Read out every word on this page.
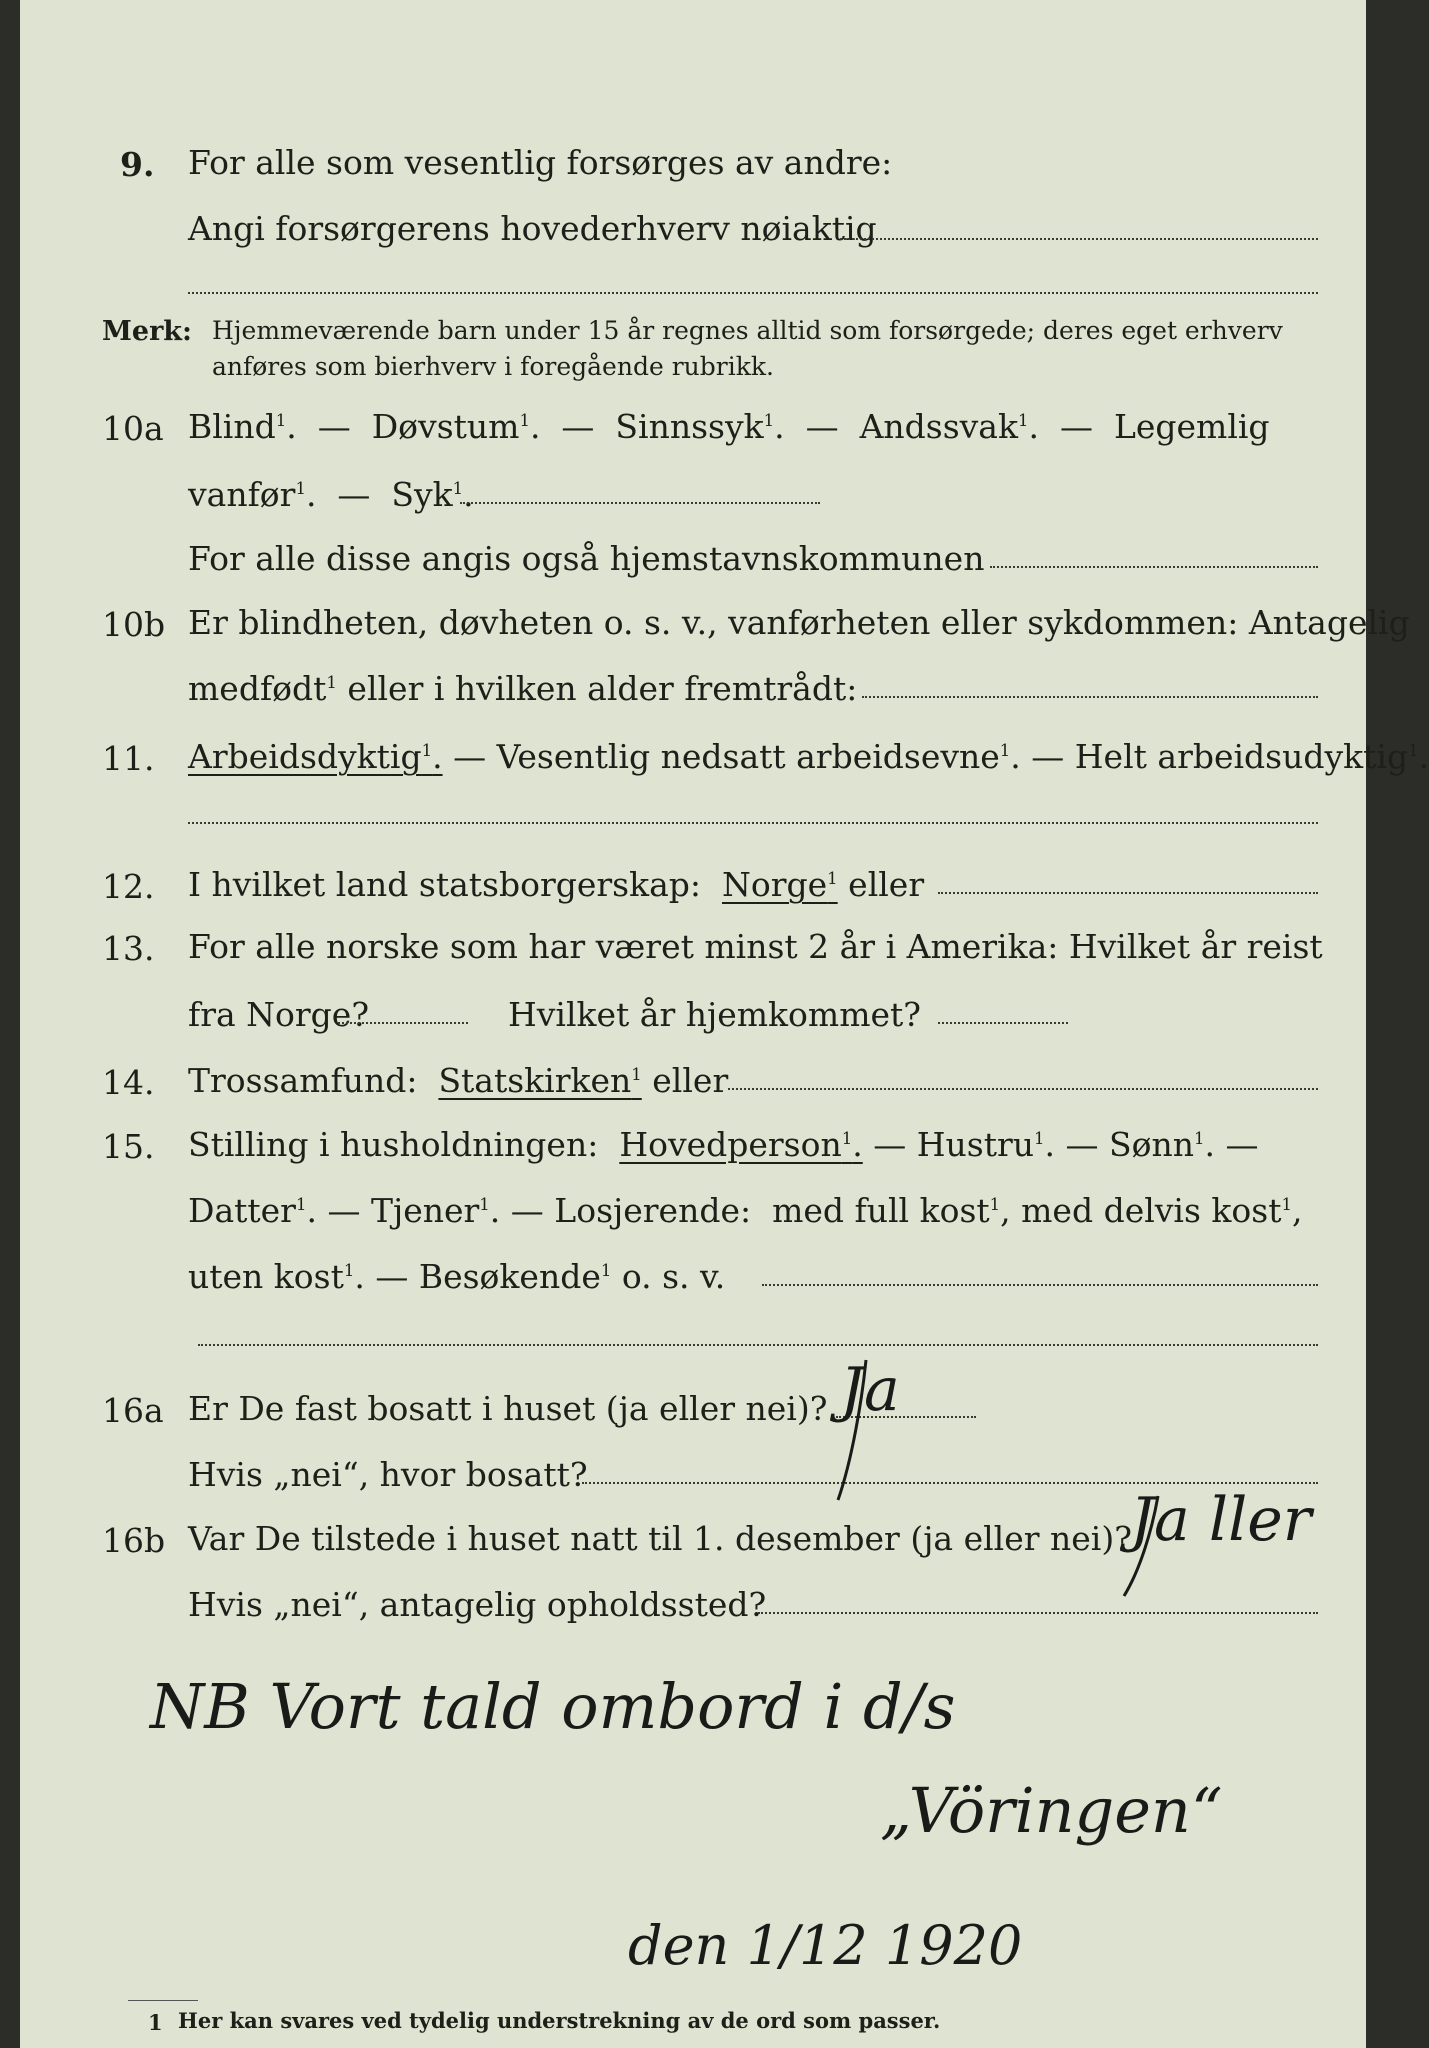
9. For alle som vesentlig forsørges av andre:
Angi forsørgerens hovederhverv nøiaktig
Merk: Hjemmeværende barn under 15 år regnes alltid som forsørgede; deres eget erhverv
anføres som bierhverv i foregående rubrikk.
10a Blind$^1$.  —  Døvstum$^1$.  —  Sinnssyk$^1$.  —  Andssvak$^1$.  —  Legemlig
vanfør$^1$.  —  Syk$^1$.
For alle disse angis også hjemstavnskommunen
10b Er blindheten, døvheten o. s. v., vanførheten eller sykdommen: Antagelig
medfødt$^1$ eller i hvilken alder fremtrådt:
11. Arbeidsdyktig$^1$. — Vesentlig nedsatt arbeidsevne$^1$. — Helt arbeidsudyktig$^1$.
12. I hvilket land statsborgerskap: Norge$^1$ eller
13. For alle norske som har været minst 2 år i Amerika: Hvilket år reist
fra Norge?	Hvilket år hjemkommet?
14. Trossamfund: Statskirken$^1$ eller
15. Stilling i husholdningen: Hovedperson$^1$. — Hustru$^1$. — Sønn$^1$. —
Datter$^1$. — Tjener$^1$. — Losjerende: med full kost$^1$, med delvis kost$^1$,
uten kost$^1$. — Besøkende$^1$ o. s. v.
16a Er De fast bosatt i huset (ja eller nei)?
Hvis „nei“, hvor bosatt?
16b Var De tilstede i huset natt til 1. desember (ja eller nei)?
Hvis „nei“, antagelig opholdssted?
Ja
Ja ller
NB Vort tald ombord i d/s
„Vöringen“
den 1/12 1920
1 Her kan svares ved tydelig understrekning av de ord som passer.
